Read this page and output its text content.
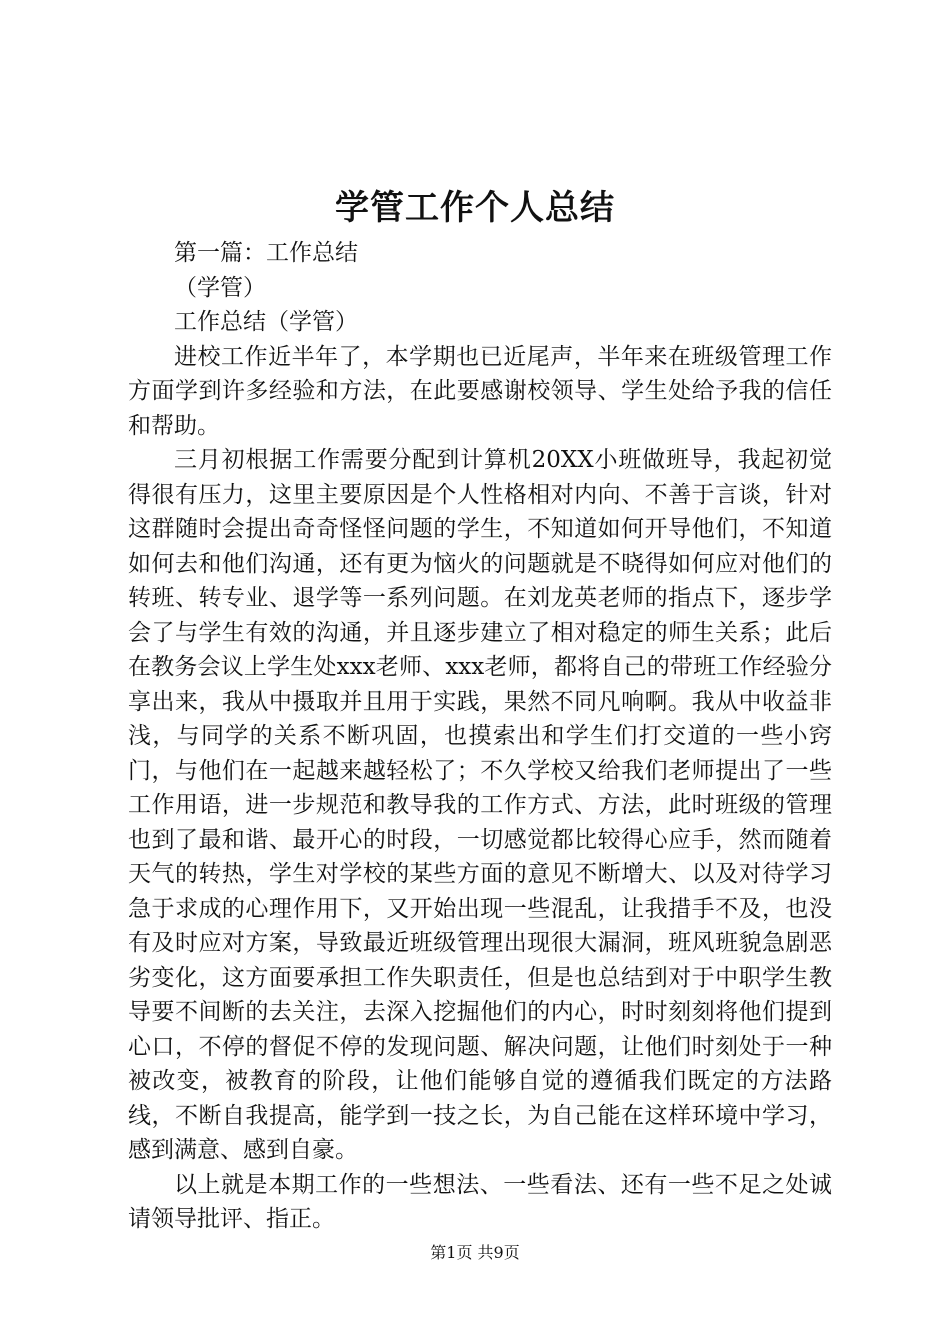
学管工作个人总结

第一篇：工作总结

（学管）

工作总结（学管）

进校工作近半年了，本学期也已近尾声，半年来在班级管理工作方面学到许多经验和方法，在此要感谢校领导、学生处给予我的信任和帮助。

三月初根据工作需要分配到计算机20XX小班做班导，我起初觉得很有压力，这里主要原因是个人性格相对内向、不善于言谈，针对这群随时会提出奇奇怪怪问题的学生，不知道如何开导他们，不知道如何去和他们沟通，还有更为恼火的问题就是不晓得如何应对他们的转班、转专业、退学等一系列问题。在刘龙英老师的指点下，逐步学会了与学生有效的沟通，并且逐步建立了相对稳定的师生关系；此后在教务会议上学生处xxx老师、xxx老师，都将自己的带班工作经验分享出来，我从中摄取并且用于实践，果然不同凡响啊。我从中收益非浅，与同学的关系不断巩固，也摸索出和学生们打交道的一些小窍门，与他们在一起越来越轻松了；不久学校又给我们老师提出了一些工作用语，进一步规范和教导我的工作方式、方法，此时班级的管理也到了最和谐、最开心的时段，一切感觉都比较得心应手，然而随着天气的转热，学生对学校的某些方面的意见不断增大、以及对待学习急于求成的心理作用下，又开始出现一些混乱，让我措手不及，也没有及时应对方案，导致最近班级管理出现很大漏洞，班风班貌急剧恶劣变化，这方面要承担工作失职责任，但是也总结到对于中职学生教导要不间断的去关注，去深入挖掘他们的内心，时时刻刻将他们提到心口，不停的督促不停的发现问题、解决问题，让他们时刻处于一种被改变，被教育的阶段，让他们能够自觉的遵循我们既定的方法路线，不断自我提高，能学到一技之长，为自己能在这样环境中学习，感到满意、感到自豪。

以上就是本期工作的一些想法、一些看法、还有一些不足之处诚请领导批评、指正。

第1页 共9页
